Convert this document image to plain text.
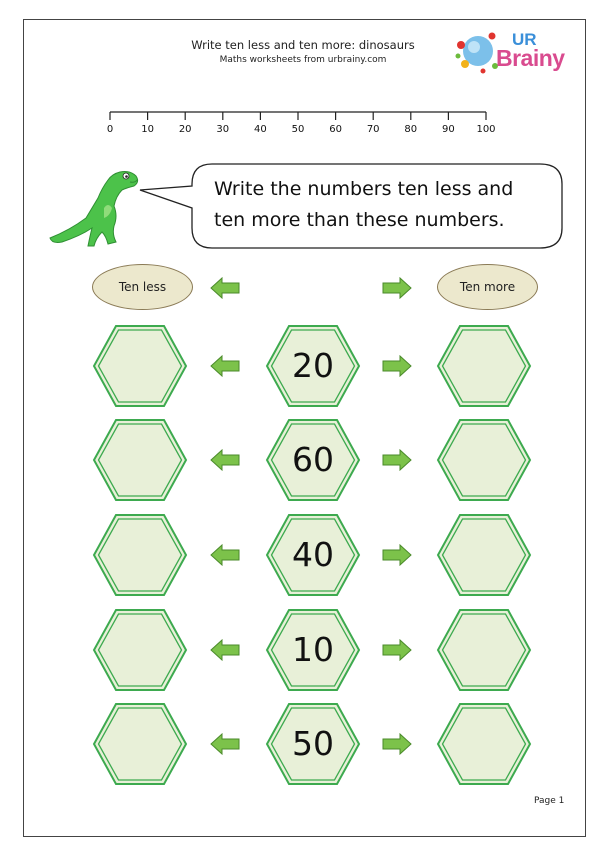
Write ten less and ten more: dinosaurs
Maths worksheets from urbrainy.com
UR
Brainy
0	10 20 30 40 50 60 70 80 90 100
Write the numbers ten less and
ten more than these numbers.
Ten less	Ten more
20
60
40
10
50
Page 1
